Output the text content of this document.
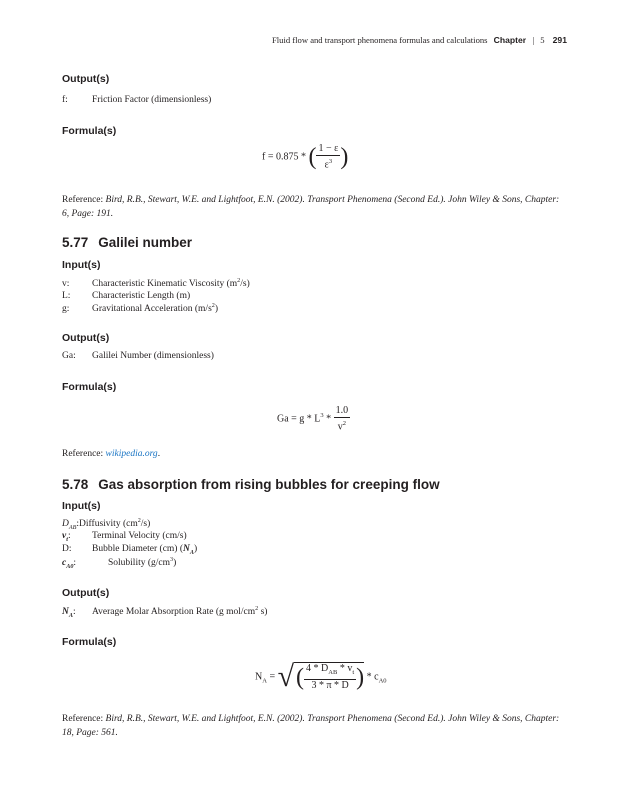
Fluid flow and transport phenomena formulas and calculations Chapter | 5 291
Output(s)
f:	Friction Factor (dimensionless)
Formula(s)
f = 0.875 * ( $\frac{1 - \varepsilon}{\varepsilon^3}$ )
Reference: Bird, R.B., Stewart, W.E. and Lightfoot, E.N. (2002). Transport Phenomena (Second Ed.). John Wiley & Sons, Chapter: 6, Page: 191.
5.77 Galilei number
Input(s)
v: Characteristic Kinematic Viscosity $(m^2/s)$
L: Characteristic Length (m)
g: Gravitational Acceleration $(m/s^2)$
Output(s)
Ga: Galilei Number (dimensionless)
Formula(s)
$Ga = g * L^3 * \frac{1.0}{v^2}$
Reference: wikipedia.org.
5.78 Gas absorption from rising bubbles for creeping flow
Input(s)
$D_{AB}:Diffusivity$ $(cm^2/s)$
$v_t$: Terminal Velocity (cm/s)
D: Bubble Diameter (cm) $(N_A)$
$c_{A0}$:	Solubility $(g/cm^3)$
Output(s)
$N_A$: Average Molar Absorption Rate (g mol/$cm^2$ s)
Formula(s)
$N_A$ = √( $\frac{4 * D_{AB} * v_t}{3 * \pi * D}$ ) * $c_{A0}$
Reference: Bird, R.B., Stewart, W.E. and Lightfoot, E.N. (2002). Transport Phenomena (Second Ed.). John Wiley & Sons, Chapter: 18, Page: 561.
